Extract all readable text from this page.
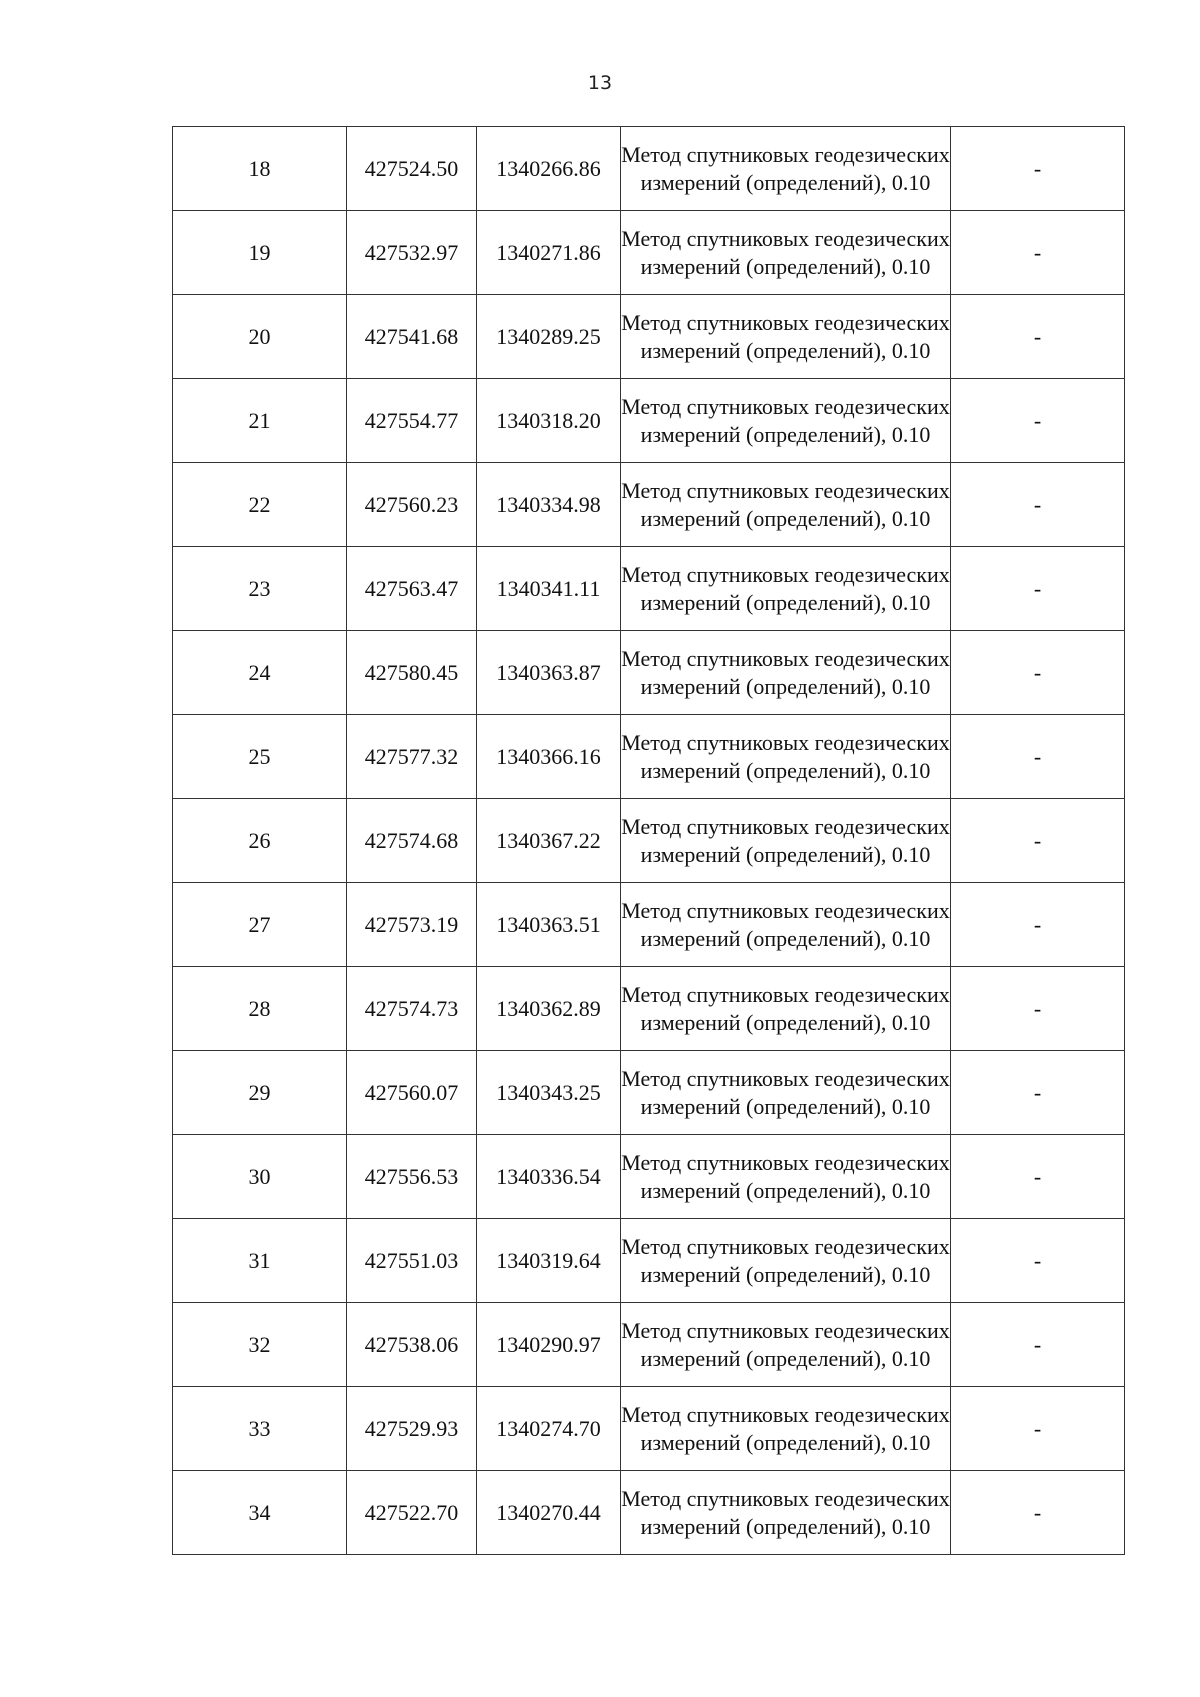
13
18	427524.50	1340266.86	Метод спутниковых геодезических измерений (определений), 0.10	-
19	427532.97	1340271.86	Метод спутниковых геодезических измерений (определений), 0.10	-
20	427541.68	1340289.25	Метод спутниковых геодезических измерений (определений), 0.10	-
21	427554.77	1340318.20	Метод спутниковых геодезических измерений (определений), 0.10	-
22	427560.23	1340334.98	Метод спутниковых геодезических измерений (определений), 0.10	-
23	427563.47	1340341.11	Метод спутниковых геодезических измерений (определений), 0.10	-
24	427580.45	1340363.87	Метод спутниковых геодезических измерений (определений), 0.10	-
25	427577.32	1340366.16	Метод спутниковых геодезических измерений (определений), 0.10	-
26	427574.68	1340367.22	Метод спутниковых геодезических измерений (определений), 0.10	-
27	427573.19	1340363.51	Метод спутниковых геодезических измерений (определений), 0.10	-
28	427574.73	1340362.89	Метод спутниковых геодезических измерений (определений), 0.10	-
29	427560.07	1340343.25	Метод спутниковых геодезических измерений (определений), 0.10	-
30	427556.53	1340336.54	Метод спутниковых геодезических измерений (определений), 0.10	-
31	427551.03	1340319.64	Метод спутниковых геодезических измерений (определений), 0.10	-
32	427538.06	1340290.97	Метод спутниковых геодезических измерений (определений), 0.10	-
33	427529.93	1340274.70	Метод спутниковых геодезических измерений (определений), 0.10	-
34	427522.70	1340270.44	Метод спутниковых геодезических измерений (определений), 0.10	-
